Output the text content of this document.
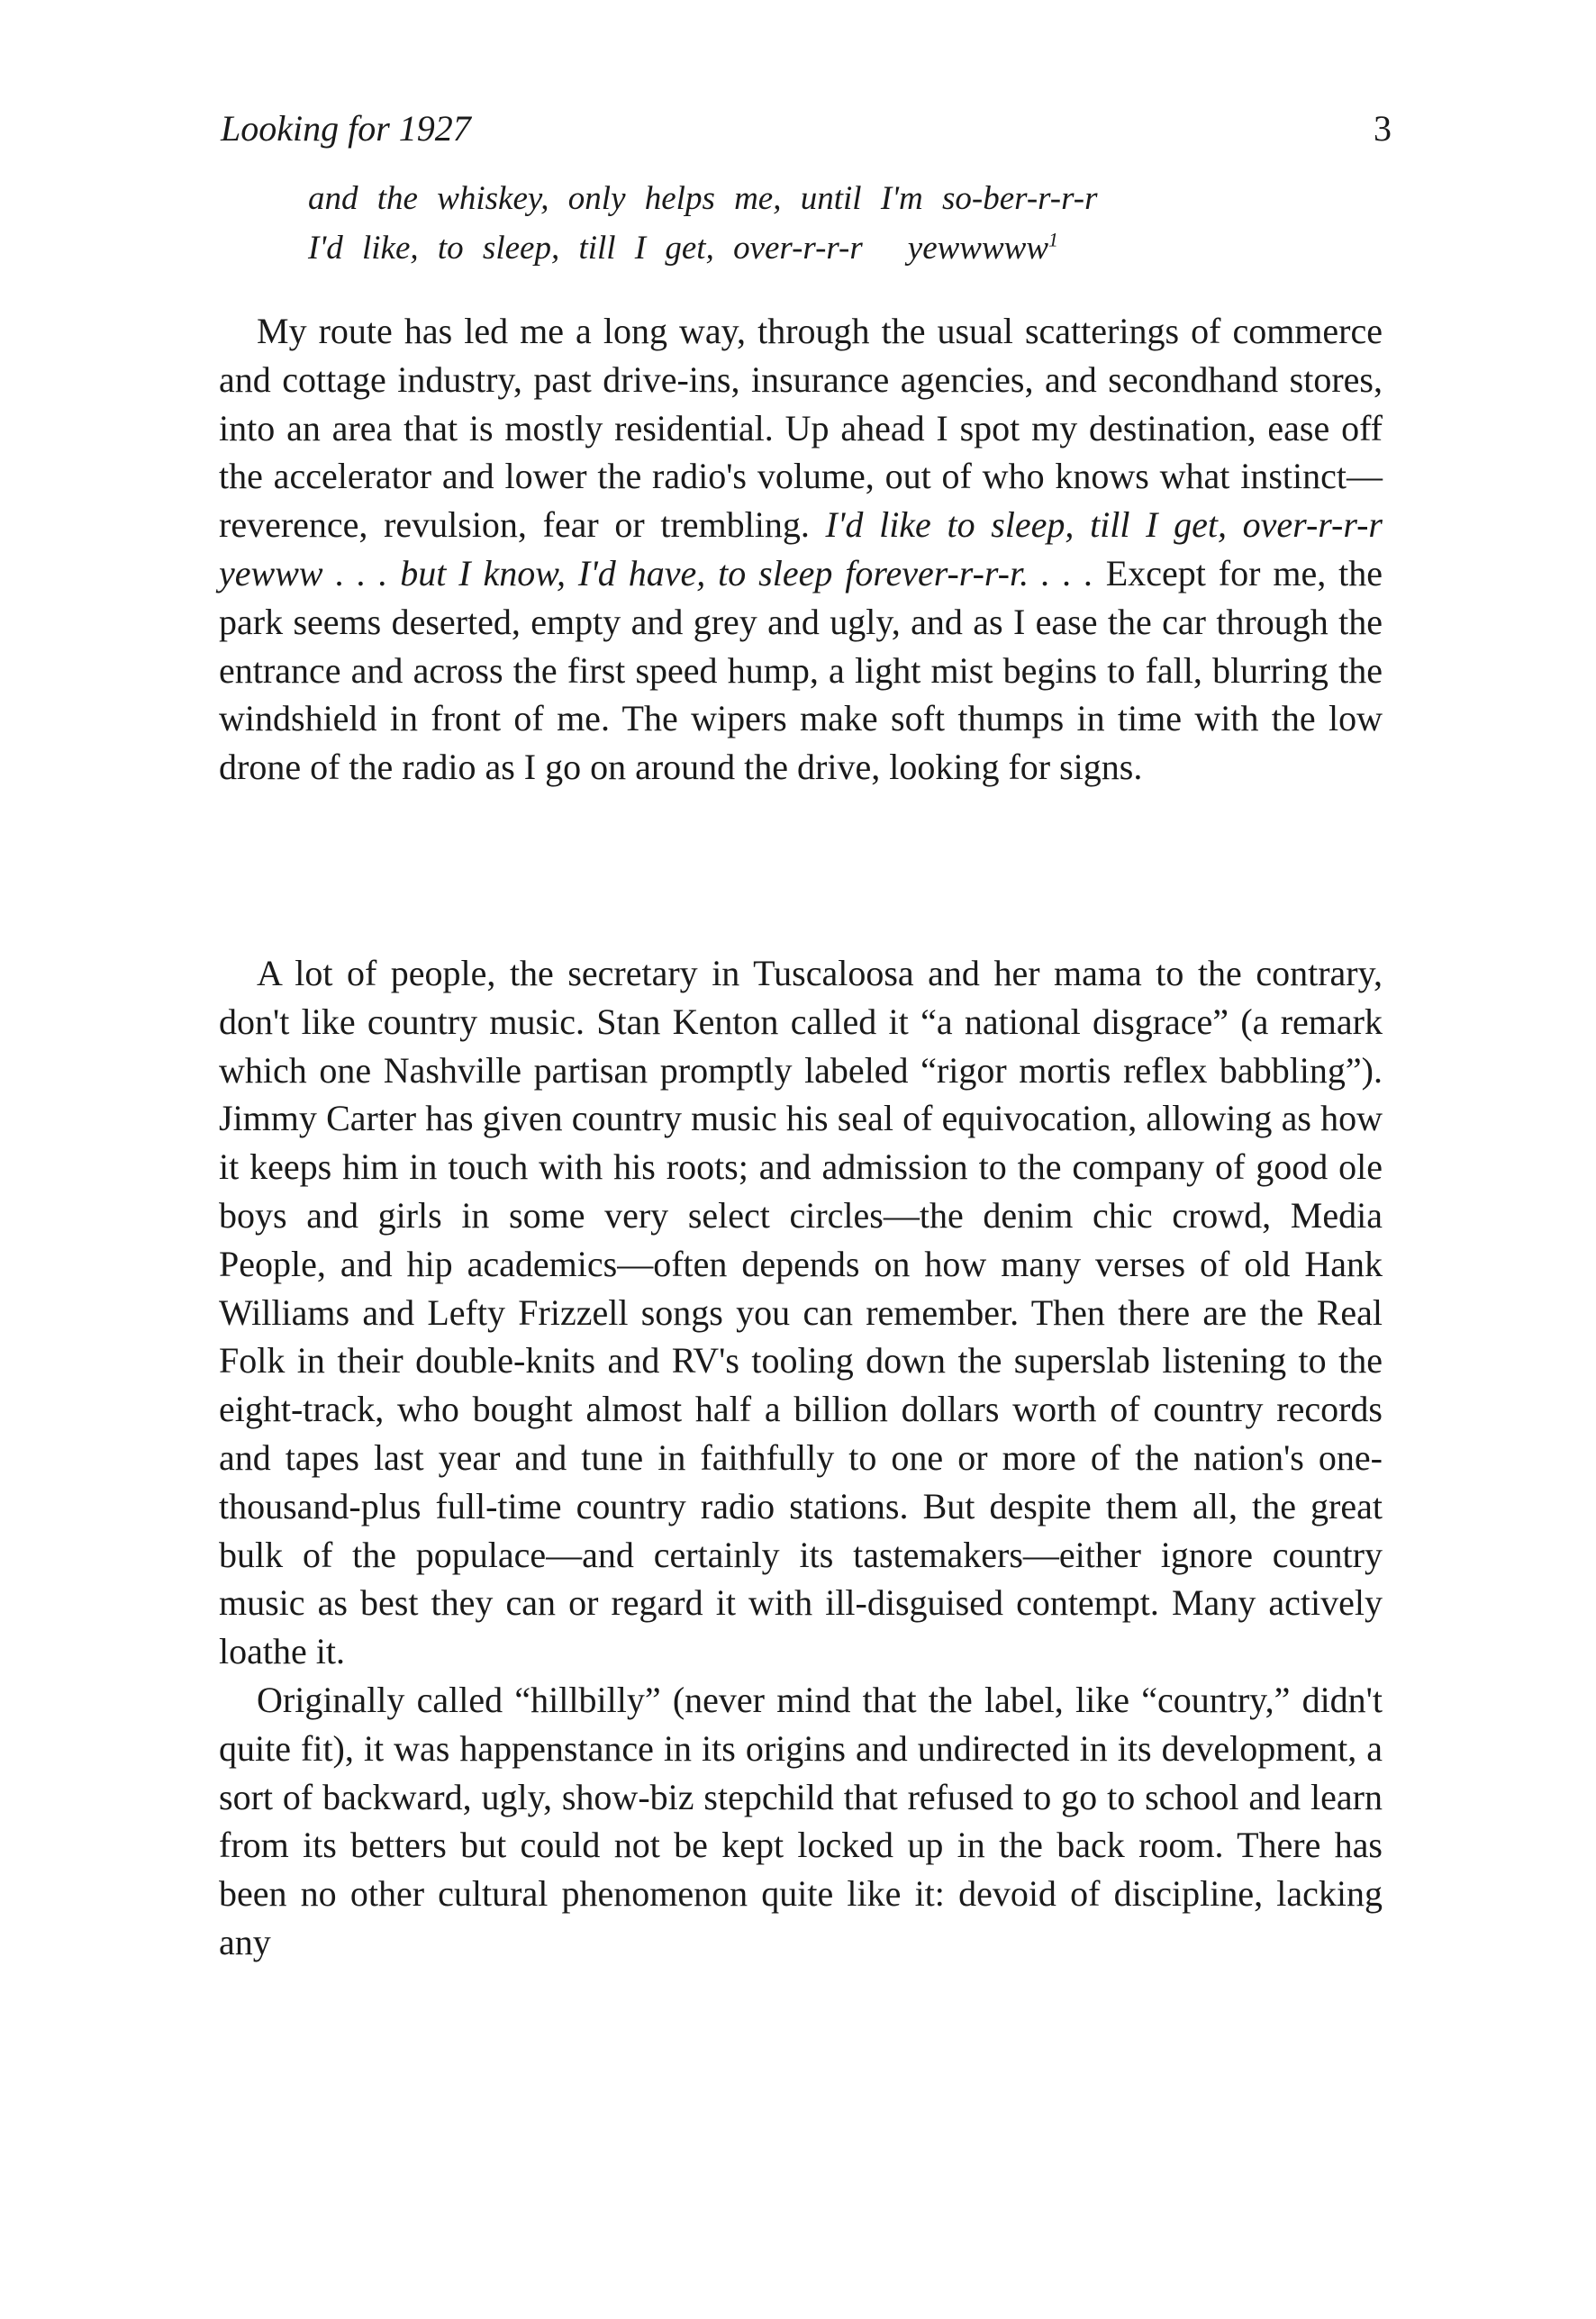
Looking for 1927	3
and the whiskey, only helps me, until I'm so-ber-r-r-r
I'd like, to sleep, till I get, over-r-r-r yewwwww$^1$

My route has led me a long way, through the usual scatterings of commerce and cottage industry, past drive-ins, insurance agencies, and secondhand stores, into an area that is mostly residential. Up ahead I spot my destination, ease off the accelerator and lower the radio's volume, out of who knows what instinct—reverence, revulsion, fear or trembling. I'd like to sleep, till I get, over-r-r-r yewww . . . but I know, I'd have, to sleep forever-r-r-r. . . . Except for me, the park seems deserted, empty and grey and ugly, and as I ease the car through the entrance and across the first speed hump, a light mist begins to fall, blurring the windshield in front of me. The wipers make soft thumps in time with the low drone of the radio as I go on around the drive, looking for signs.

A lot of people, the secretary in Tuscaloosa and her mama to the contrary, don't like country music. Stan Kenton called it “a national disgrace” (a remark which one Nashville partisan promptly labeled “rigor mortis reflex babbling”). Jimmy Carter has given country music his seal of equivocation, allowing as how it keeps him in touch with his roots; and admission to the company of good ole boys and girls in some very select circles—the denim chic crowd, Media People, and hip academics—often depends on how many verses of old Hank Williams and Lefty Frizzell songs you can remember. Then there are the Real Folk in their double-knits and RV's tooling down the superslab listening to the eight-track, who bought almost half a billion dollars worth of country records and tapes last year and tune in faithfully to one or more of the nation's one-thousand-plus full-time country radio stations. But despite them all, the great bulk of the populace—and certainly its tastemakers—either ignore country music as best they can or regard it with ill-disguised contempt. Many actively loathe it.

Originally called “hillbilly” (never mind that the label, like “country,” didn't quite fit), it was happenstance in its origins and undirected in its development, a sort of backward, ugly, show-biz stepchild that refused to go to school and learn from its betters but could not be kept locked up in the back room. There has been no other cultural phenomenon quite like it: devoid of discipline, lacking any
